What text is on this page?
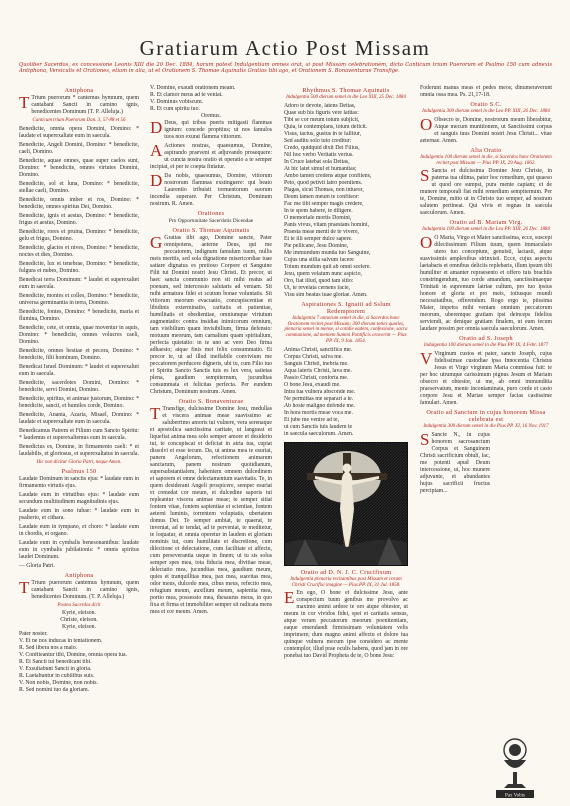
Gratiarum Actio Post Missam
Quoliber Sacerdos, ex concessione Leonis XIII die 20 Dec. 1884, horum potest Indulgentiam omnes orat, si post Missam celebrationem, dicto Canticum trium Puerorum et Psalmo 150 cum adnexis Antiphona, Versiculis et Orationes, etiam in alia, ut et Orationem S. Thomae Aquinatis Gratias tibi ago, et Orationem S. Bonaventurae Transfige.
Antiphona
T Trium puerorum * cantemus hymnum, quem cantabant Sancti in camino ignis, benedicentes Dominum (T. P. Alleluja.)
Canticum trium Puerorum Dan. 3, 57-88 et 56
Benedicite, omnia opera Domini, Domino: * laudate et superexaltate eum in saecula.
Benedicite, Angeli Domini, Domino: * benedicite, caeli, Domino.
Benedicite, aquae omnes, quae super caelos sunt, Domino: * benedicite, omnes virtutes Domini, Domino.
Benedicite, sol et luna, Domino: * benedicite, stellae caeli, Domino.
Benedicite, omnis imber et ros, Domino: * benedicite, omnes spiritus Dei, Domino.
Benedicite, ignis et aestus, Domino: * benedicite, frigus et aestus, Domino.
Benedicite, rores et pruina, Domino: * benedicite, gelu et frigus, Domino.
Benedicite, glacies et nives, Domino: * benedicite, noctes et dies, Domino.
Benedicite, lux et tenebrae, Domino: * benedicite, fulgura et nubes, Domino.
Benedicat terra Dominum: * laudet et superexaltet eum in saecula.
Benedicite, montes et colles, Domino: * benedicite, universa germinantia in terra, Domino.
Benedicite, fontes, Domino: * benedicite, maria et flumina, Domino.
Benedicite, cete, et omnia, quae moventur in aquis, Domino: * benedicite, omnes volucres caeli, Domino.
Benedicite, omnes bestiae et pecora, Domino: * benedicite, filii hominum, Domino.
Benedicat Israel Dominum: * laudet et superexaltet eum in saecula.
Benedicite, sacerdotes Domini, Domino: * benedicite, servi Domini, Domino.
Benedicite, spiritus, et animae justorum, Domino: * benedicite, sancti, et humiles corde, Domino.
Benedicite, Anania, Azaria, Misael, Domino: * laudate et superexaltate eum in saecula.
Benedicamus Patrem et Filium cum Sancto Spiritu: * laudemus et superexaltemus eum in saecula.
Benedictus es, Domine, in firmamento caeli: * et laudabilis, et gloriosus, et superexaltatus in saecula.
Hic non dicitur Gloria Patri, neque Amen.
Psalmus 150
Laudate Dominum in sanctis ejus: * laudate eum in firmamento virtutis ejus.
Laudate eum in virtutibus ejus: * laudate eum secundum multitudinem magnitudinis ejus.
Laudate eum in sono tubae: * laudate eum in psalterio, et cithara.
Laudate eum in tympano, et choro: * laudate eum in chordis, et organo.
Laudate eum in cymbalis benesonantibus: laudate eum in cymbalis jubilationis: * omnis spiritus laudet Dominum.
— Gloria Patri.
Antiphona
T Trium puerorum cantemus hymnum, quem cantabant Sancti in camino ignis, benedicentes Dominum. (T. P. Alleluja.)
Postea Sacerdos dicit
Kyrie, eleison.
Christe, eleison.
Kyrie, eleison.
Pater noster.
V. Et ne nos inducas in tentationem.
R. Sed libera nos a malo.
V. Confiteantur tibi, Domine, omnia opera tua.
R. Et Sancti tui benedicant tibi.
V. Exsultabunt Sancti in gloria.
R. Laetabuntur in cubilibus suis.
V. Non nobis, Domine, non nobis.
R. Sed nomini tuo da gloriam.
V. Domine, exaudi orationem meam.
R. Et clamor meus ad te veniat.
V. Dominus vobiscum.
R. Et cum spiritu tuo.
Oremus.
D Deus, qui tribus pueris mitigasti flammas ignium: concede propitius; ut nos famulos tuos non exurat flamma vitiorum.
A Actiones nostras, quaesumus, Domine, aspirando praeveni et adjuvando prosequere: ut cuncta nostra oratio et operatio a te semper incipiat, et per te coepta finiatur.
D Da nobis, quaesumus, Domine, vitiorum nostrorum flammas exstinguere: qui beato Laurentio tribuisti tormentorum suorum incendia superare. Per Christum, Dominum nostrum. R. Amen.
Orationes
Pro Opportunitate Sacerdotis Dicendae
Oratio S. Thomae Aquinatis
G Gratias tibi ago, Domine sancte, Pater omnipotens, aeterne Deus, qui me peccatorem, indignum famulum tuum, nullis meis meritis, sed sola dignatione misericordiae tuae satiare dignatus es pretioso Corpore et Sanguine Filii tui Domini nostri Jesu Christi. Et precor, ut haec sancta communio non sit mihi reatus ad poenam, sed intercessio salutaris ad veniam. Sit mihi armatura fidei et scutum bonae voluntatis. Sit vitiorum meorum evacuatio, concupiscentiae et libidinis exterminatio, caritatis et patientiae, humilitatis et obedientiae, omniumque virtutum augmentatio: contra insidias inimicorum omnium, tam visibilium quam invisibilium, firma defensio: motuum meorum, tam carnalium quam spiritalium, perfecta quietatio: in te uno ac vero Deo firma adhaesio; atque finis mei felix consummatio. Et precor te, ut ad illud ineffabile convivium me peccatorem perducere digneris, ubi tu, cum Filio tuo et Spiritu Sancto Sanctis tuis es lux vera, satietas plena, gaudium sempiternum, jucunditas consummata et felicitas perfecta. Per eundem Christum, Dominum nostrum. Amen.
Oratio S. Bonaventurae
T Transfige, dulcissime Domine Jesu, medullas et viscera animae meae suavissimo ac saluberrimo amoris tui vulnere, vera serenaque et apostolica sanctissima caritate, ut langueat et liquefiat anima mea solo semper amore et desiderio tui, te concupiscat et deficiat in atria tua, cupiat dissolvi et esse tecum. Da, ut anima mea te esuriat, panem Angelorum, refectionem animarum sanctarum, panem nostrum quotidianum, supersubstantialem, habentem omnem dulcedinem et saporem et omne delectamentum suavitatis. Te, in quem desiderant Angeli prospicere, semper esuriat et comedat cor meum, et dulcedine saporis tui repleantur viscera animae meae; te semper sitiat fontem vitae, fontem sapientiae et scientiae, fontem aeterni luminis, torrentem voluptatis, ubertatem domus Dei. Te semper ambiat, te quaerat, te inveniat, ad te tendat, ad te perveniat, te meditetur, te loquatur, et omnia operetur in laudem et gloriam nominis tui, cum humilitate et discretione, cum dilectione et delectatione, cum facilitate et affectu, cum perseverantia usque in finem; ut tu sis solus semper spes mea, tota fiducia mea, divitiae meae, delectatio mea, jucunditas mea, gaudium meum, quies et tranquillitas mea, pax mea, suavitas mea, odor meus, dulcedo mea, cibus meus, refectio mea, refugium meum, auxilium meum, sapientia mea, portio mea, possessio mea, thesaurus meus, in quo fixa et firma et immobiliter semper sit radicata mens mea et cor meum. Amen.
Rhythmus S. Thomae Aquinatis
Indulgentia 500 dierum semel in die Leo XIII, 25 Dec. 1884
Adoro te devote, latens Deitas,
Quae sub his figuris vere latitas:
Tibi se cor meum totum subjicit,
Quia, te contemplans, totum deficit.
Visus, tactus, gustus in te fallitur,
Sed auditu solo tuto creditur:
Credo, quidquid dixit Dei Filius,
Nil hoc verbo Veritatis verius.
In Cruce latebat sola Deitas,
At hic latet simul et humanitas;
Ambo tamen credens atque confitens,
Peto, quod petivit latro poenitens.
Plagas, sicut Thomas, non intueor,
Deum tamen meum te confiteor:
Fac me tibi semper magis credere,
In te spem habere, te diligere.
O memoriale mortis Domini,
Panis vivus, vitam praestans homini,
Praesta meae menti de te vivere,
Et te illi semper dulce sapere.
Pie pellicane, Jesu Domine,
Me immundum munda tuo Sanguine,
Cujus una stilla salvum facere
Totum mundum quit ab omni scelere.
Jesu, quem velatum nunc aspicio,
Oro, fiat illud, quod tam sitio:
Ut, te revelata cernens facie,
Visu sim beatus tuae gloriae. Amen.
Aspirationes S. Ignatii ad Sslum Redemptorem
Indulgentia 7 annorum semel in die, si Sacerdos hanc Orationem recitet post Missam; 300 dierum toties quoties, plenaria semel in mense, si cotidie eadem, confessione, sacra communione, ad mentem Summi Pontificis oraverint — Pius PP. IX, 9 Jan. 1854.
Anima Christi, sanctifica me.
Corpus Christi, salva me.
Sanguis Christi, inebria me.
Aqua lateris Christi, lava me.
Passio Christi, conforta me.
O bone Jesu, exaudi me.
Intra tua vulnera absconde me.
Ne permittas me separari a te.
Ab hoste maligno defende me.
In hora mortis meae voca me.
Et jube me venire ad te,
ut cum Sanctis tuis laudem te
in saecula saeculorum. Amen.
Oratio ad D. N. J. C. Crucifixum
Indulgentia plenaria recitantibus post Missam et coram Christi Crucifixi imagine — Pius PP. IX, 31 Jul. 1858.
E En ego, O bone et dulcissime Jesu, ante conspectum tuum genibus me provolvo ac maximo animi ardore te oro atque obtestor, ut meum in cor vividos fidei, spei et caritatis sensus, atque veram peccatorum meorum poenitentiam, eaque emendandi firmissimam voluntatem velis imprimere; dum magno animi affectu et dolore tua quinque vulnera mecum ipse considero ac mente contemplor, illud prae oculis habens, quod jam in ore ponebat tuo David Propheta de te, O bone Jesu:
Foderunt manus meas et pedes meos; dinumeraverunt omnia ossa mea. Ps. 21,17-18.
Oratio S.C.
Indulgentia 300 dierum semel in die Leo PP. XIII, 26 Dec. 1884
O Obsecro te, Domine, nostrorum meum liberabitur, Atque mecum munitionem, ut Sanctissimi corpus et sanguis tuus Domini nostri Jesu Christi... vitae aeternae. Amen.
Alia Oratio
Indulgentia 100 dierum semel in die, si Sacerdos hanc Orationem recitet post Missam — Pius PP. IX, 29 Aug. 1862.
S Sancta et dulcissima Domine Jesu Christe, in paterna tua ultima, pater hoc remedium, qui quaeso ut quod ore sumpsi, pura mente capiam; et de munere temporali fiat mihi remedium sempiternum. Per te, Domine, mitto ut in Christo tuo semper, ad nostram salutem pertineat. Qui vivis et regnas in saecula saeculorum. Amen.
Oratio ad B. Mariam Virg.
Indulgentia 100 dierum semel in die Leo PP. XIII, 26 Dec. 1884
O O Maria, Virgo et Mater sanctissima, ecce, suscepi dilectissimum Filium tuum, quem immaculato utero tuo conceptum, genuisti, lactasti, atque suavissimis amplexibus strinxisti. Ecce, cujus aspectu laetabaris et omnibus deliciis replebaris, illum ipsum tibi humiliter et amanter repraesento et offero tuis brachiis constringendum, tuo corde amandum, sanctissimaeque Trinitati in supremum latriae cultum, pro tuo ipsius honore et gloria et pro meis, totiusque mundi necessitatibus, offerendum. Rogo ergo te, piissima Mater, impetra mihi veniam omnium peccatorum meorum, uberemque gratiam ipsi deinceps fidelius serviendi, ac denique gratiam finalem, ut eum tecum laudare possim per omnia saecula saeculorum. Amen.
Oratio ad S. Joseph
Indulgentia 100 dierum semel in die Pius PP. IX, 4 Febr. 1877
V Virginum custos et pater, sancte Joseph, cujus fidelissimae custodiae ipsa Innocentia Christus Jesus et Virgo virginum Maria commissa fuit: te per hoc utrumque carissimum pignus Jesum et Mariam obsecro et obtestor, ut me, ab omni immunditia praeservatum, mente incontaminata, puro corde et casto corpore Jesu et Mariae semper facias castissime famulari. Amen.
Oratio ad Sanctum in cujus honorem Missa celebrata est
Indulgentia 300 dierum semel in die Pius PP. XI, 16 Nov. 1917
S Sancte N., in cujus honorem sacrosanctum Corpus et Sanguinem Christi sacrificium obtuli, fac, me potenti apud Deum intercessione, ut, hoc munere adjuvante, et abundantes hujus sacrificii fructus percipiam...
Pax Vobis
